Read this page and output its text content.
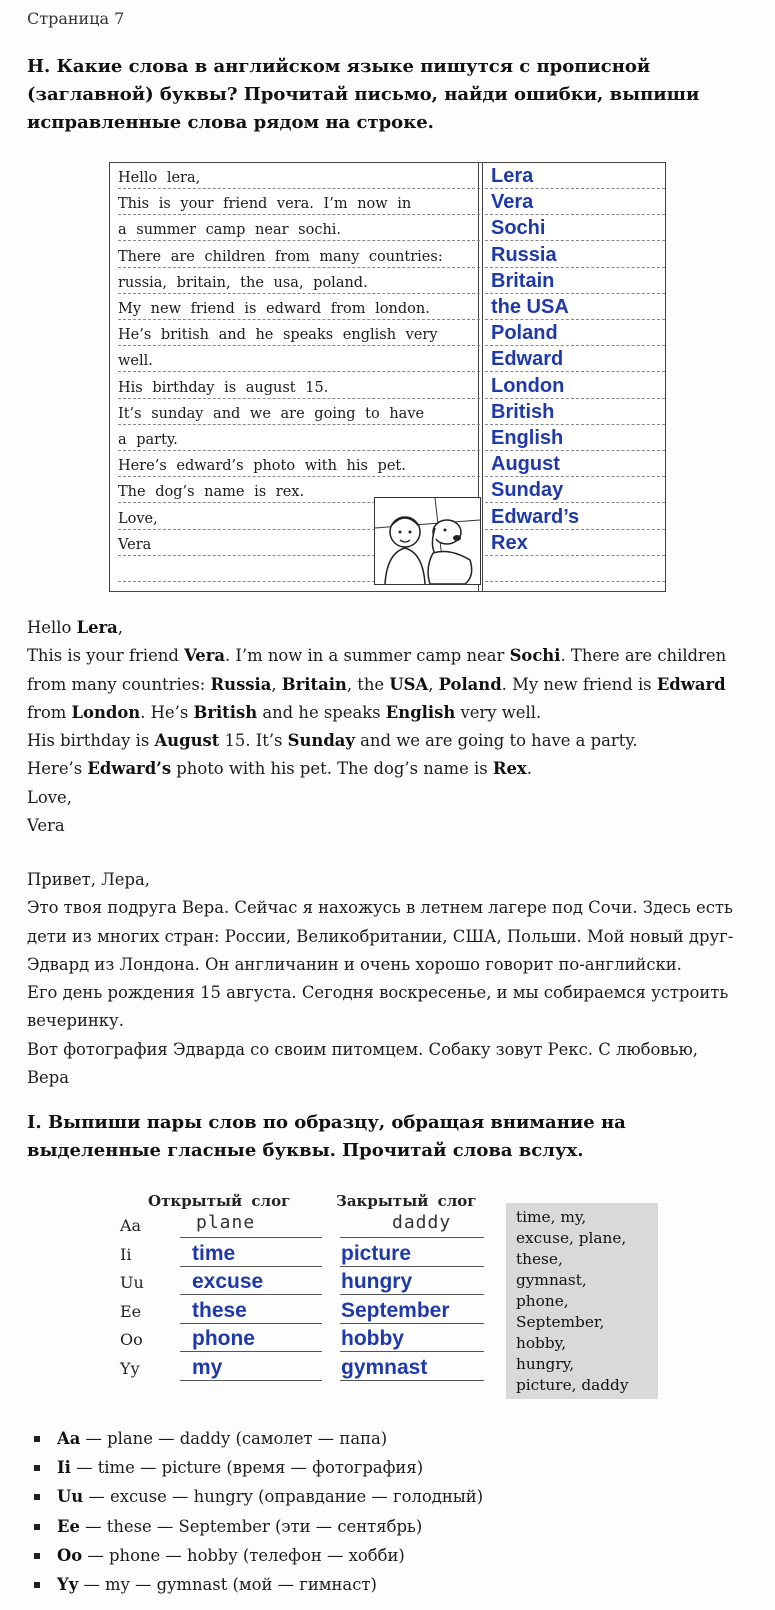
Страница 7
H. Какие слова в английском языке пишутся с прописной (заглавной) буквы? Прочитай письмо, найди ошибки, выпиши исправленные слова рядом на строке.
Hello lera,
This is your friend vera. I’m now in
a summer camp near sochi.
There are children from many countries:
russia, britain, the usa, poland.
My new friend is edward from london.
He’s british and he speaks english very
well.
His birthday is august 15.
It’s sunday and we are going to have
a party.
Here’s edward’s photo with his pet.
The dog’s name is rex.
Love,
Vera
Lera
Vera
Sochi
Russia
Britain
the USA
Poland
Edward
London
British
English
August
Sunday
Edward’s
Rex

Hello Lera,

This is your friend Vera. I’m now in a summer camp near Sochi. There are children from many countries: Russia, Britain, the USA, Poland. My new friend is Edward from London. He’s British and he speaks English very well.

His birthday is August 15. It’s Sunday and we are going to have a party.

Here’s Edward’s photo with his pet. The dog’s name is Rex.

Love,

Vera

Привет, Лера,

Это твоя подруга Вера. Сейчас я нахожусь в летнем лагере под Сочи. Здесь есть дети из многих стран: России, Великобритании, США, Польши. Мой новый друг-Эдвард из Лондона. Он англичанин и очень хорошо говорит по-английски.

Его день рождения 15 августа. Сегодня воскресенье, и мы собираемся устроить вечеринку.

Вот фотография Эдварда со своим питомцем. Собаку зовут Рекс. С любовью,

Вера

I. Выпиши пары слов по образцу, обращая внимание на выделенные гласные буквы. Прочитай слова вслух.
Открытый слог	Закрытый слог
Aa	plane	daddy
Ii	time	picture
Uu excuse	hungry
Ee these	September
Oo phone	hobby
Yy my	gymnast
time, my,
excuse, plane,
these,
gymnast,
phone,
September,
hobby,
hungry,
picture, daddy
Aa — plane — daddy (самолет — папа)
Ii — time — picture (время — фотография)
Uu — excuse — hungry (оправдание — голодный)
Ee — these — September (эти — сентябрь)
Oo — phone — hobby (телефон — хобби)
Yy — my — gymnast (мой — гимнаст)
